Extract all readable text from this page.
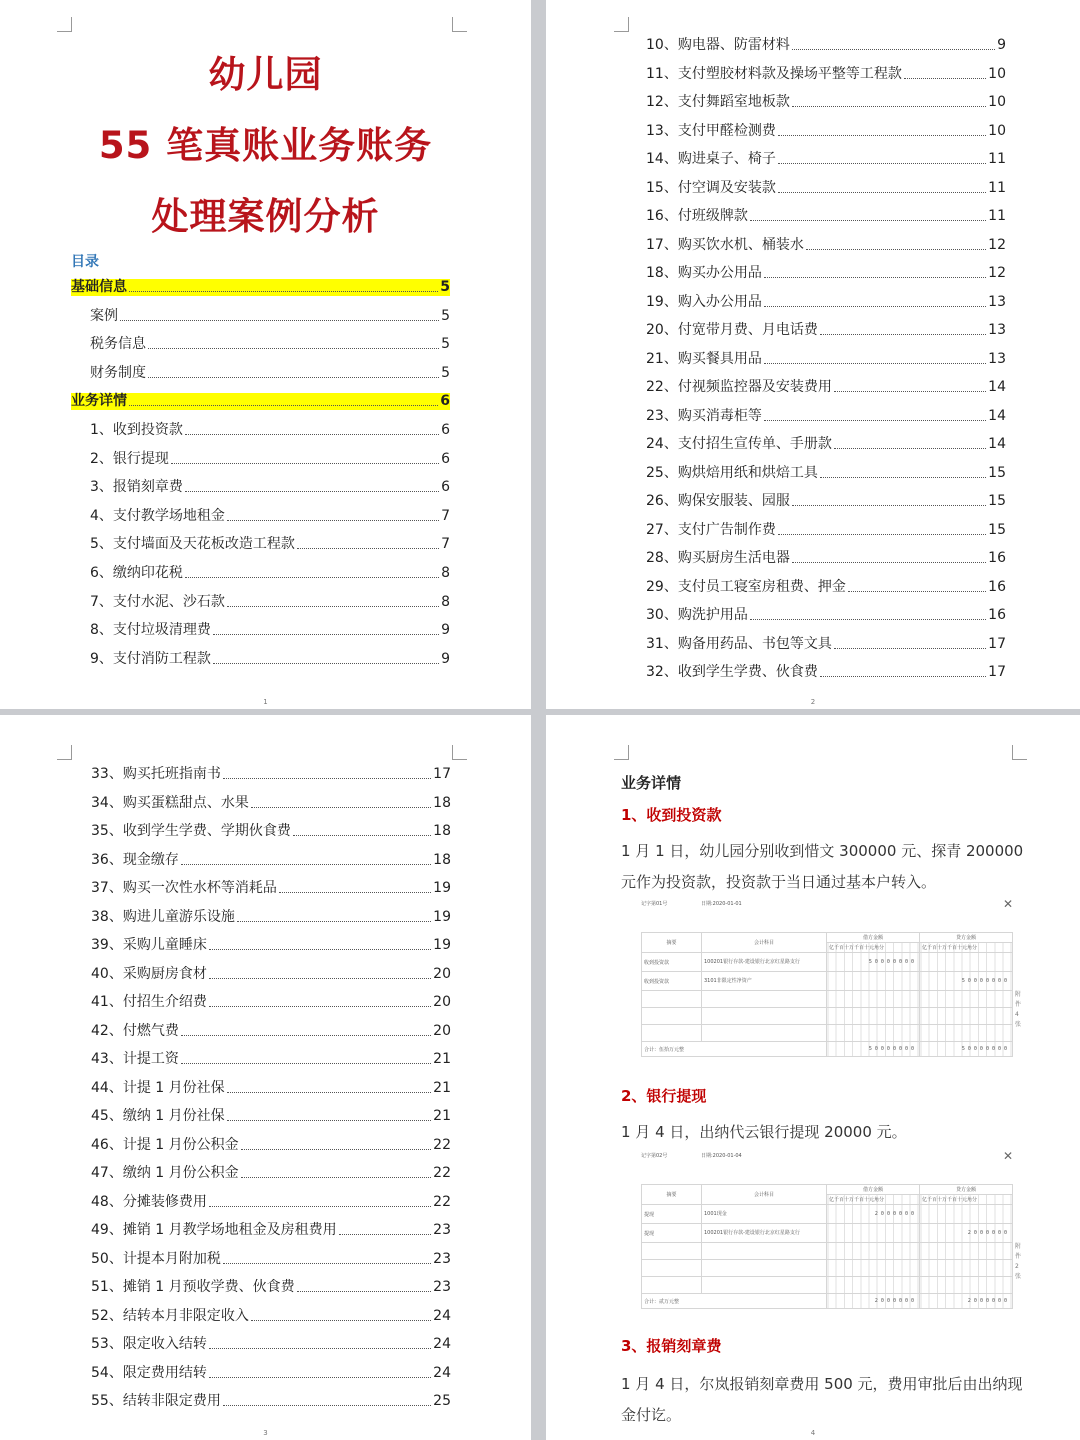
幼儿园
55 笔真账业务账务
处理案例分析
目录
基础信息	5
案例	5
税务信息	5
财务制度	5
业务详情	6
1、收到投资款	6
2、银行提现	6
3、报销刻章费	6
4、支付教学场地租金	7
5、支付墙面及天花板改造工程款	7
6、缴纳印花税	8
7、支付水泥、沙石款	8
8、支付垃圾清理费	9
9、支付消防工程款	9
1
10、购电器、防雷材料	9
11、支付塑胶材料款及操场平整等工程款	10
12、支付舞蹈室地板款	10
13、支付甲醛检测费	10
14、购进桌子、椅子	11
15、付空调及安装款	11
16、付班级牌款	11
17、购买饮水机、桶装水	12
18、购买办公用品	12
19、购入办公用品	13
20、付宽带月费、月电话费	13
21、购买餐具用品	13
22、付视频监控器及安装费用	14
23、购买消毒柜等	14
24、支付招生宣传单、手册款	14
25、购烘焙用纸和烘焙工具	15
26、购保安服装、园服	15
27、支付广告制作费	15
28、购买厨房生活电器	16
29、支付员工寝室房租费、押金	16
30、购洗护用品	16
31、购备用药品、书包等文具	17
32、收到学生学费、伙食费	17
2
33、购买托班指南书	17
34、购买蛋糕甜点、水果	18
35、收到学生学费、学期伙食费	18
36、现金缴存	18
37、购买一次性水杯等消耗品	19
38、购进儿童游乐设施	19
39、采购儿童睡床	19
40、采购厨房食材	20
41、付招生介绍费	20
42、付燃气费	20
43、计提工资	21
44、计提 1 月份社保	21
45、缴纳 1 月份社保	21
46、计提 1 月份公积金	22
47、缴纳 1 月份公积金	22
48、分摊装修费用	22
49、摊销 1 月教学场地租金及房租费用	23
50、计提本月附加税	23
51、摊销 1 月预收学费、伙食费	23
52、结转本月非限定收入	24
53、限定收入结转	24
54、限定费用结转	24
55、结转非限定费用	25
3
业务详情
1、收到投资款
1 月 1 日，幼儿园分别收到惜文 300000 元、探青 200000
元作为投资款，投资款于当日通过基本户转入。
记字第01号	日期:2020-01-01	✕
摘要	会计科目	借方金额	贷方金额
		亿千百十万千百十元角分	亿千百十万千百十元角分
收到投资款	100201银行存款-建设银行北京红星路支行	50000000	
收到投资款	3101非限定性净资产		50000000

合计：伍拾万元整		50000000	50000000
附件4张
2、银行提现
1 月 4 日，出纳代云银行提现 20000 元。
记字第02号	日期:2020-01-04	✕
摘要	会计科目	借方金额	贷方金额
		亿千百十万千百十元角分	亿千百十万千百十元角分
提现	1001现金	2000000	
提现	100201银行存款-建设银行北京红星路支行		2000000

合计：贰万元整		2000000	2000000
附件2张
3、报销刻章费
1 月 4 日，尔岚报销刻章费用 500 元，费用审批后由出纳现
金付讫。
4
